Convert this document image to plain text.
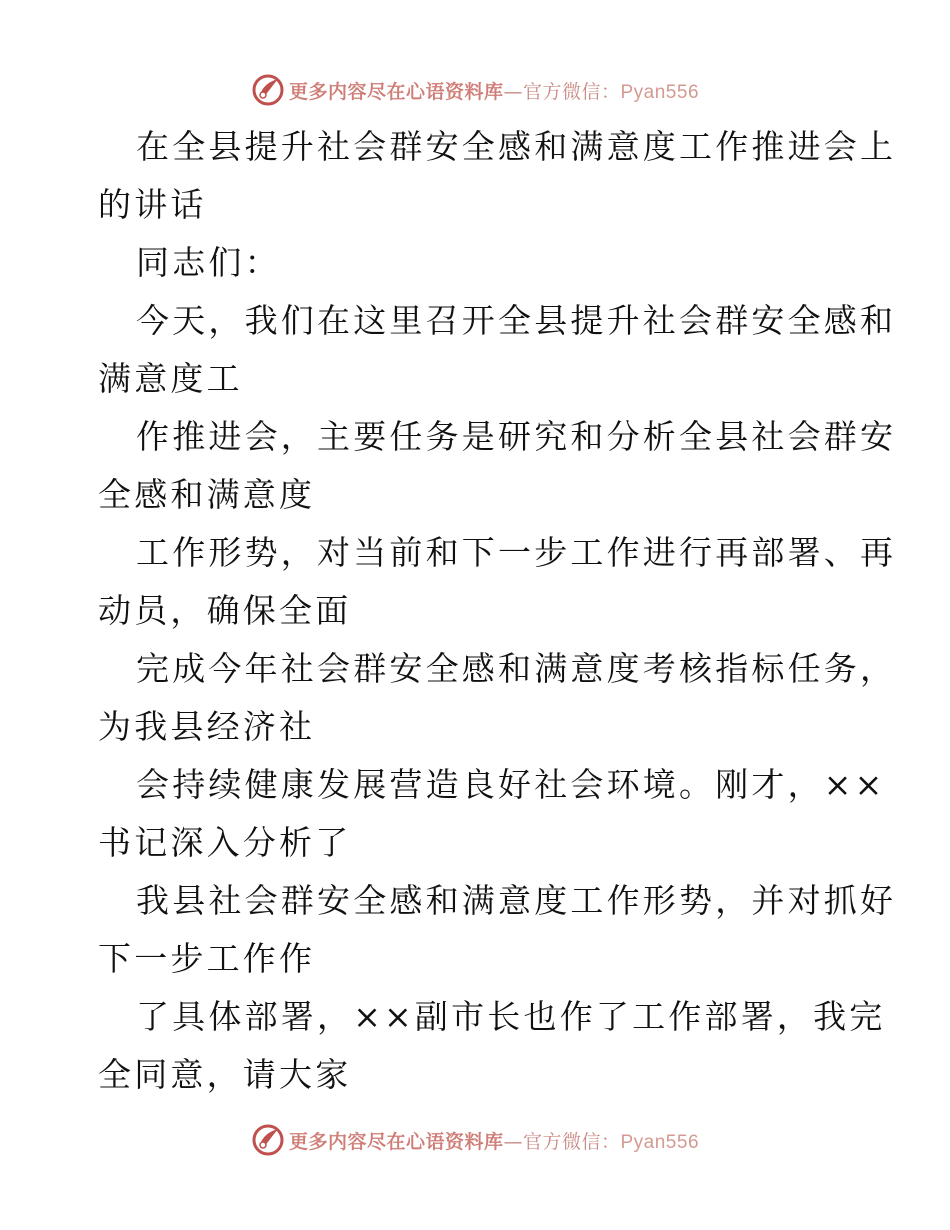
更多内容尽在心语资料库—官方微信：Pyan556

在全县提升社会群安全感和满意度工作推进会上

的讲话

同志们：

今天，我们在这里召开全县提升社会群安全感和

满意度工

作推进会，主要任务是研究和分析全县社会群安

全感和满意度

工作形势，对当前和下一步工作进行再部署、再

动员，确保全面

完成今年社会群安全感和满意度考核指标任务，

为我县经济社

会持续健康发展营造良好社会环境。刚才，××

书记深入分析了

我县社会群安全感和满意度工作形势，并对抓好

下一步工作作

了具体部署，××副市长也作了工作部署，我完

全同意，请大家

更多内容尽在心语资料库—官方微信：Pyan556
